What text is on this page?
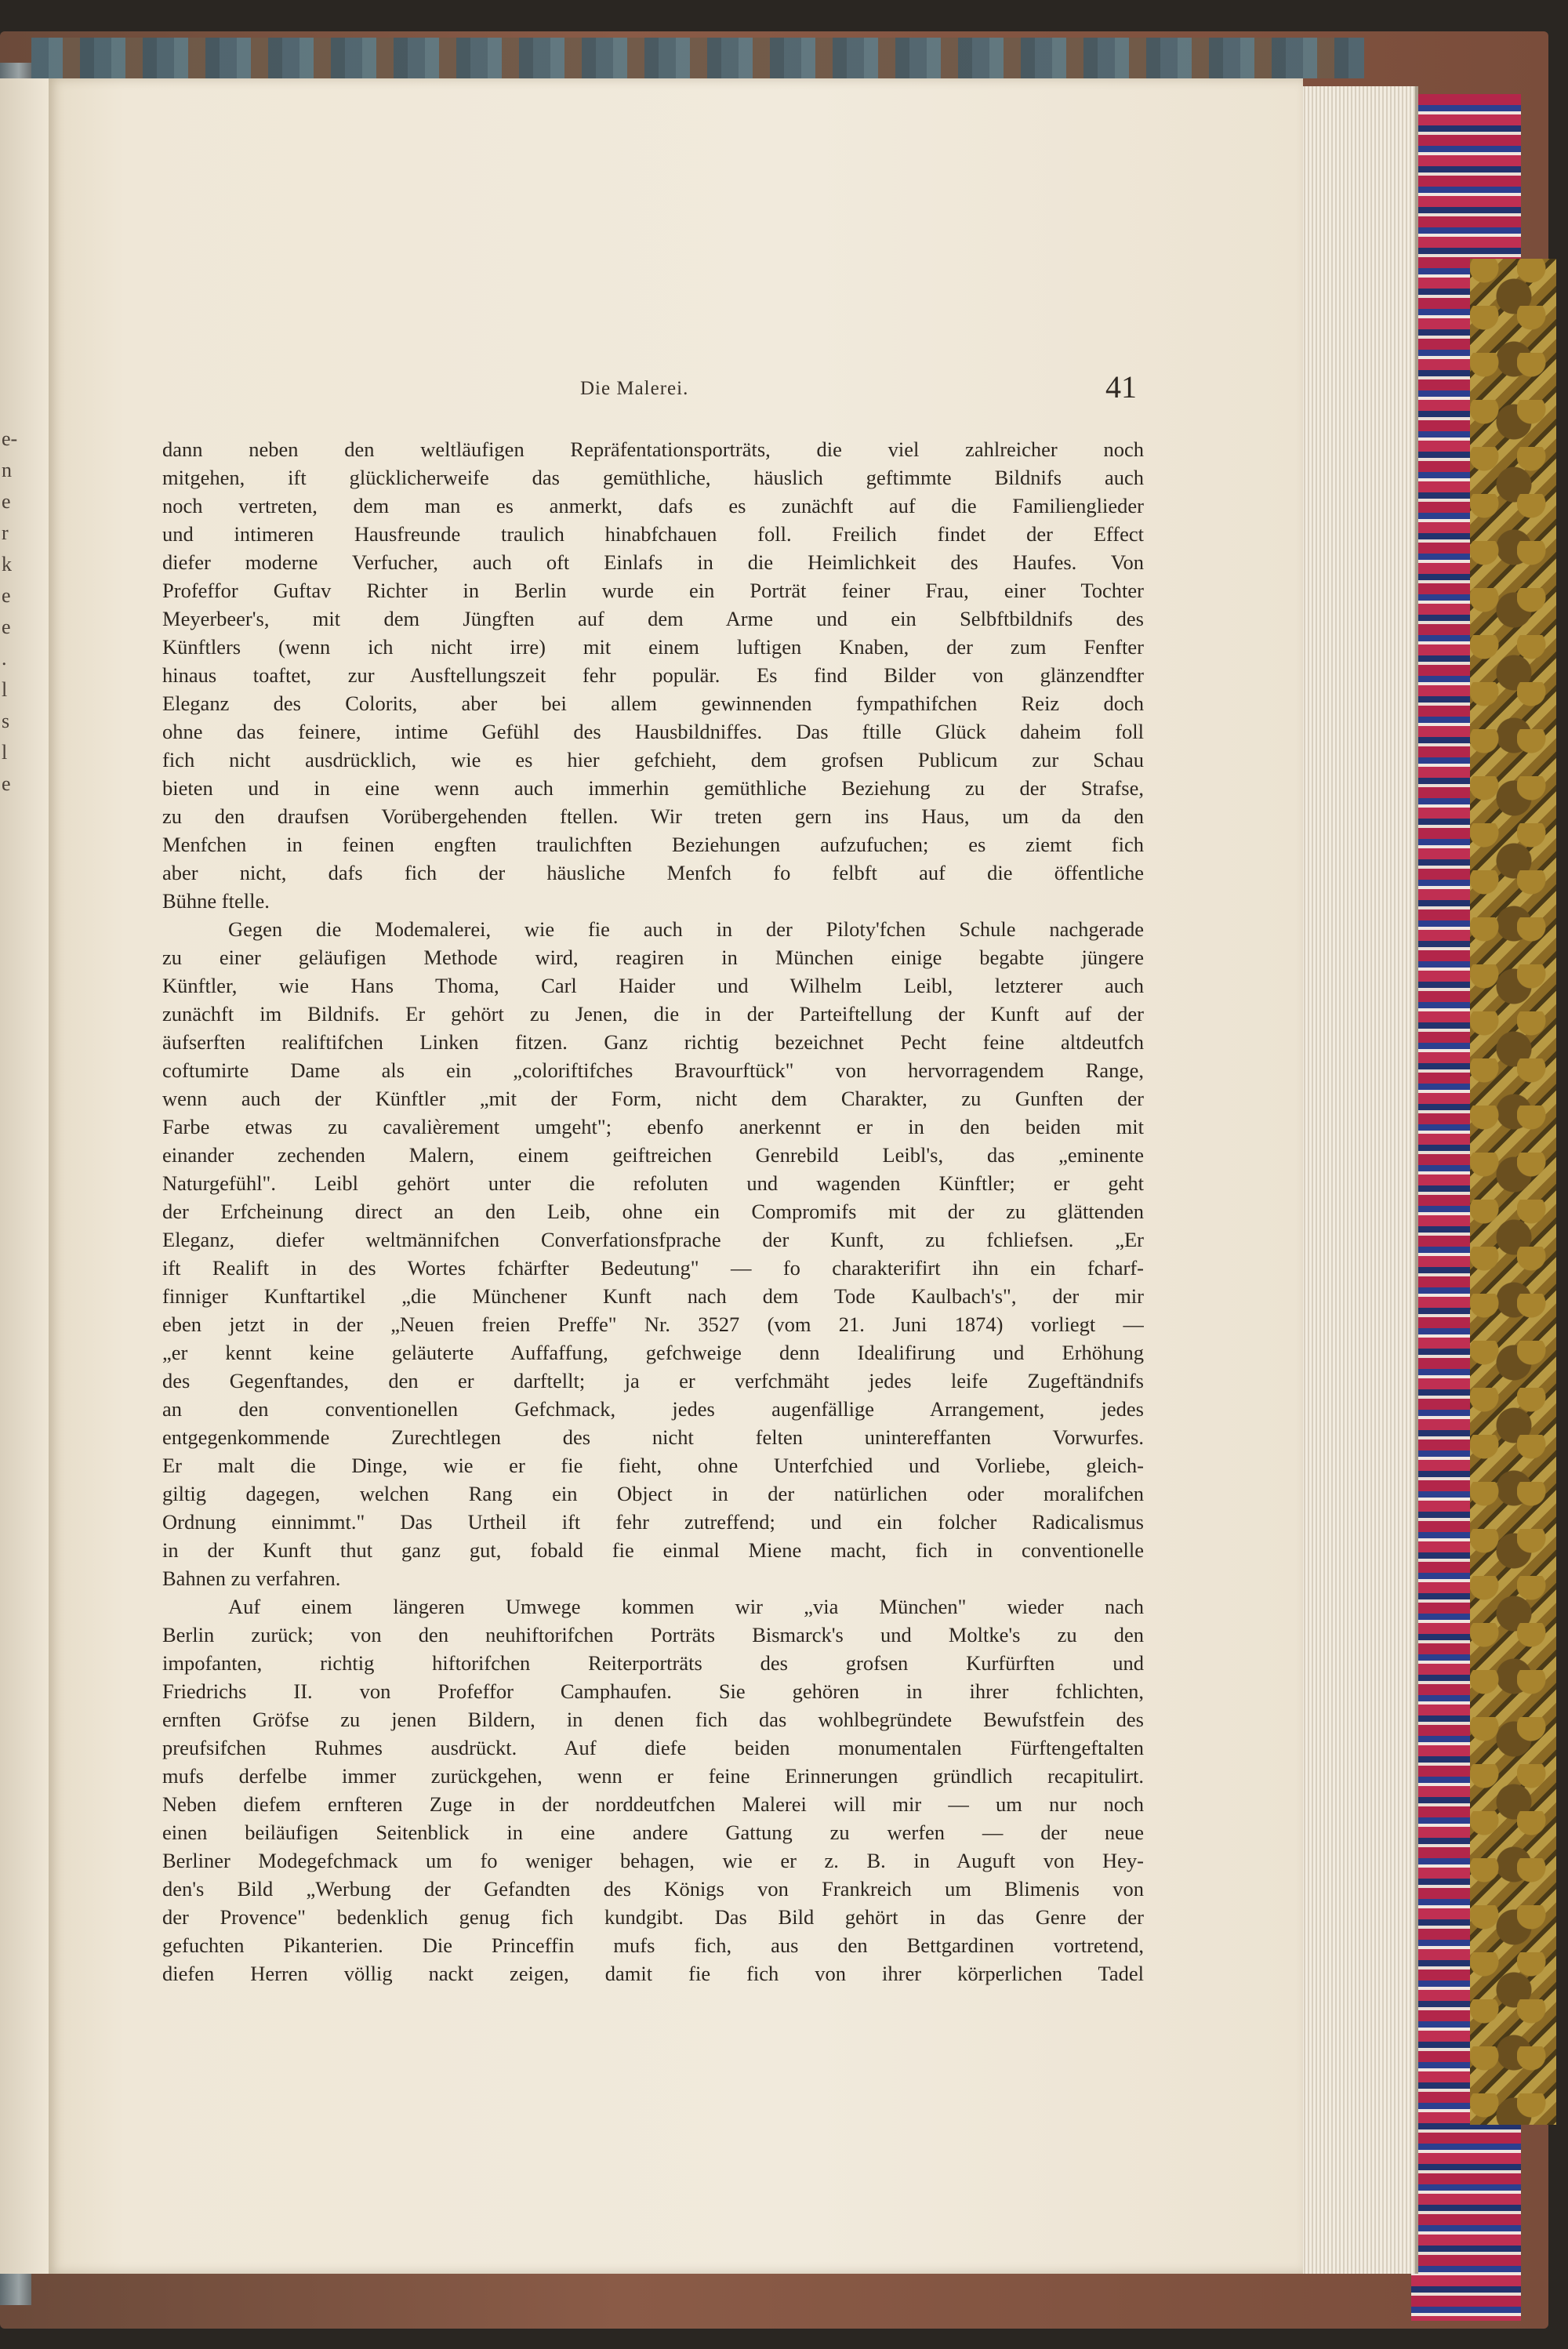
e-
n
e
r
k
e
e
.
l
s
l
e
Die Malerei.	41
dann neben den weltläufigen Repräfentationsporträts, die viel zahlreicher noch
mitgehen, ift glücklicherweife das gemüthliche, häuslich geftimmte Bildnifs auch
noch vertreten, dem man es anmerkt, dafs es zunächft auf die Familienglieder
und intimeren Hausfreunde traulich hinabfchauen foll. Freilich findet der Effect
diefer moderne Verfucher, auch oft Einlafs in die Heimlichkeit des Haufes. Von
Profeffor Guftav Richter in Berlin wurde ein Porträt feiner Frau, einer Tochter
Meyerbeer's, mit dem Jüngften auf dem Arme und ein Selbftbildnifs des
Künftlers (wenn ich nicht irre) mit einem luftigen Knaben, der zum Fenfter
hinaus toaftet, zur Ausftellungszeit fehr populär. Es find Bilder von glänzendfter
Eleganz des Colorits, aber bei allem gewinnenden fympathifchen Reiz doch
ohne das feinere, intime Gefühl des Hausbildniffes. Das ftille Glück daheim foll
fich nicht ausdrücklich, wie es hier gefchieht, dem grofsen Publicum zur Schau
bieten und in eine wenn auch immerhin gemüthliche Beziehung zu der Strafse,
zu den draufsen Vorübergehenden ftellen. Wir treten gern ins Haus, um da den
Menfchen in feinen engften traulichften Beziehungen aufzufuchen; es ziemt fich
aber nicht, dafs fich der häusliche Menfch fo felbft auf die öffentliche
Bühne ftelle.
Gegen die Modemalerei, wie fie auch in der Piloty'fchen Schule nachgerade
zu einer geläufigen Methode wird, reagiren in München einige begabte jüngere
Künftler, wie Hans Thoma, Carl Haider und Wilhelm Leibl, letzterer auch
zunächft im Bildnifs. Er gehört zu Jenen, die in der Parteiftellung der Kunft auf der
äufserften realiftifchen Linken fitzen. Ganz richtig bezeichnet Pecht feine altdeutfch
coftumirte Dame als ein „coloriftifches Bravourftück" von hervorragendem Range,
wenn auch der Künftler „mit der Form, nicht dem Charakter, zu Gunften der
Farbe etwas zu cavalièrement umgeht"; ebenfo anerkennt er in den beiden mit
einander zechenden Malern, einem geiftreichen Genrebild Leibl's, das „eminente
Naturgefühl". Leibl gehört unter die refoluten und wagenden Künftler; er geht
der Erfcheinung direct an den Leib, ohne ein Compromifs mit der zu glättenden
Eleganz, diefer weltmännifchen Converfationsfprache der Kunft, zu fchliefsen. „Er
ift Realift in des Wortes fchärfter Bedeutung" — fo charakterifirt ihn ein fcharf-
finniger Kunftartikel „die Münchener Kunft nach dem Tode Kaulbach's", der mir
eben jetzt in der „Neuen freien Preffe" Nr. 3527 (vom 21. Juni 1874) vorliegt —
„er kennt keine geläuterte Auffaffung, gefchweige denn Idealifirung und Erhöhung
des Gegenftandes, den er darftellt; ja er verfchmäht jedes leife Zugeftändnifs
an den conventionellen Gefchmack, jedes augenfällige Arrangement, jedes
entgegenkommende Zurechtlegen des nicht felten unintereffanten Vorwurfes.
Er malt die Dinge, wie er fie fieht, ohne Unterfchied und Vorliebe, gleich-
giltig dagegen, welchen Rang ein Object in der natürlichen oder moralifchen
Ordnung einnimmt." Das Urtheil ift fehr zutreffend; und ein folcher Radicalismus
in der Kunft thut ganz gut, fobald fie einmal Miene macht, fich in conventionelle
Bahnen zu verfahren.
Auf einem längeren Umwege kommen wir „via München" wieder nach
Berlin zurück; von den neuhiftorifchen Porträts Bismarck's und Moltke's zu den
impofanten, richtig hiftorifchen Reiterporträts des grofsen Kurfürften und
Friedrichs II. von Profeffor Camphaufen. Sie gehören in ihrer fchlichten,
ernften Gröfse zu jenen Bildern, in denen fich das wohlbegründete Bewufstfein des
preufsifchen Ruhmes ausdrückt. Auf diefe beiden monumentalen Fürftengeftalten
mufs derfelbe immer zurückgehen, wenn er feine Erinnerungen gründlich recapitulirt.
Neben diefem ernfteren Zuge in der norddeutfchen Malerei will mir — um nur noch
einen beiläufigen Seitenblick in eine andere Gattung zu werfen — der neue
Berliner Modegefchmack um fo weniger behagen, wie er z. B. in Auguft von Hey-
den's Bild „Werbung der Gefandten des Königs von Frankreich um Blimenis von
der Provence" bedenklich genug fich kundgibt. Das Bild gehört in das Genre der
gefuchten Pikanterien. Die Princeffin mufs fich, aus den Bettgardinen vortretend,
diefen Herren völlig nackt zeigen, damit fie fich von ihrer körperlichen Tadel
